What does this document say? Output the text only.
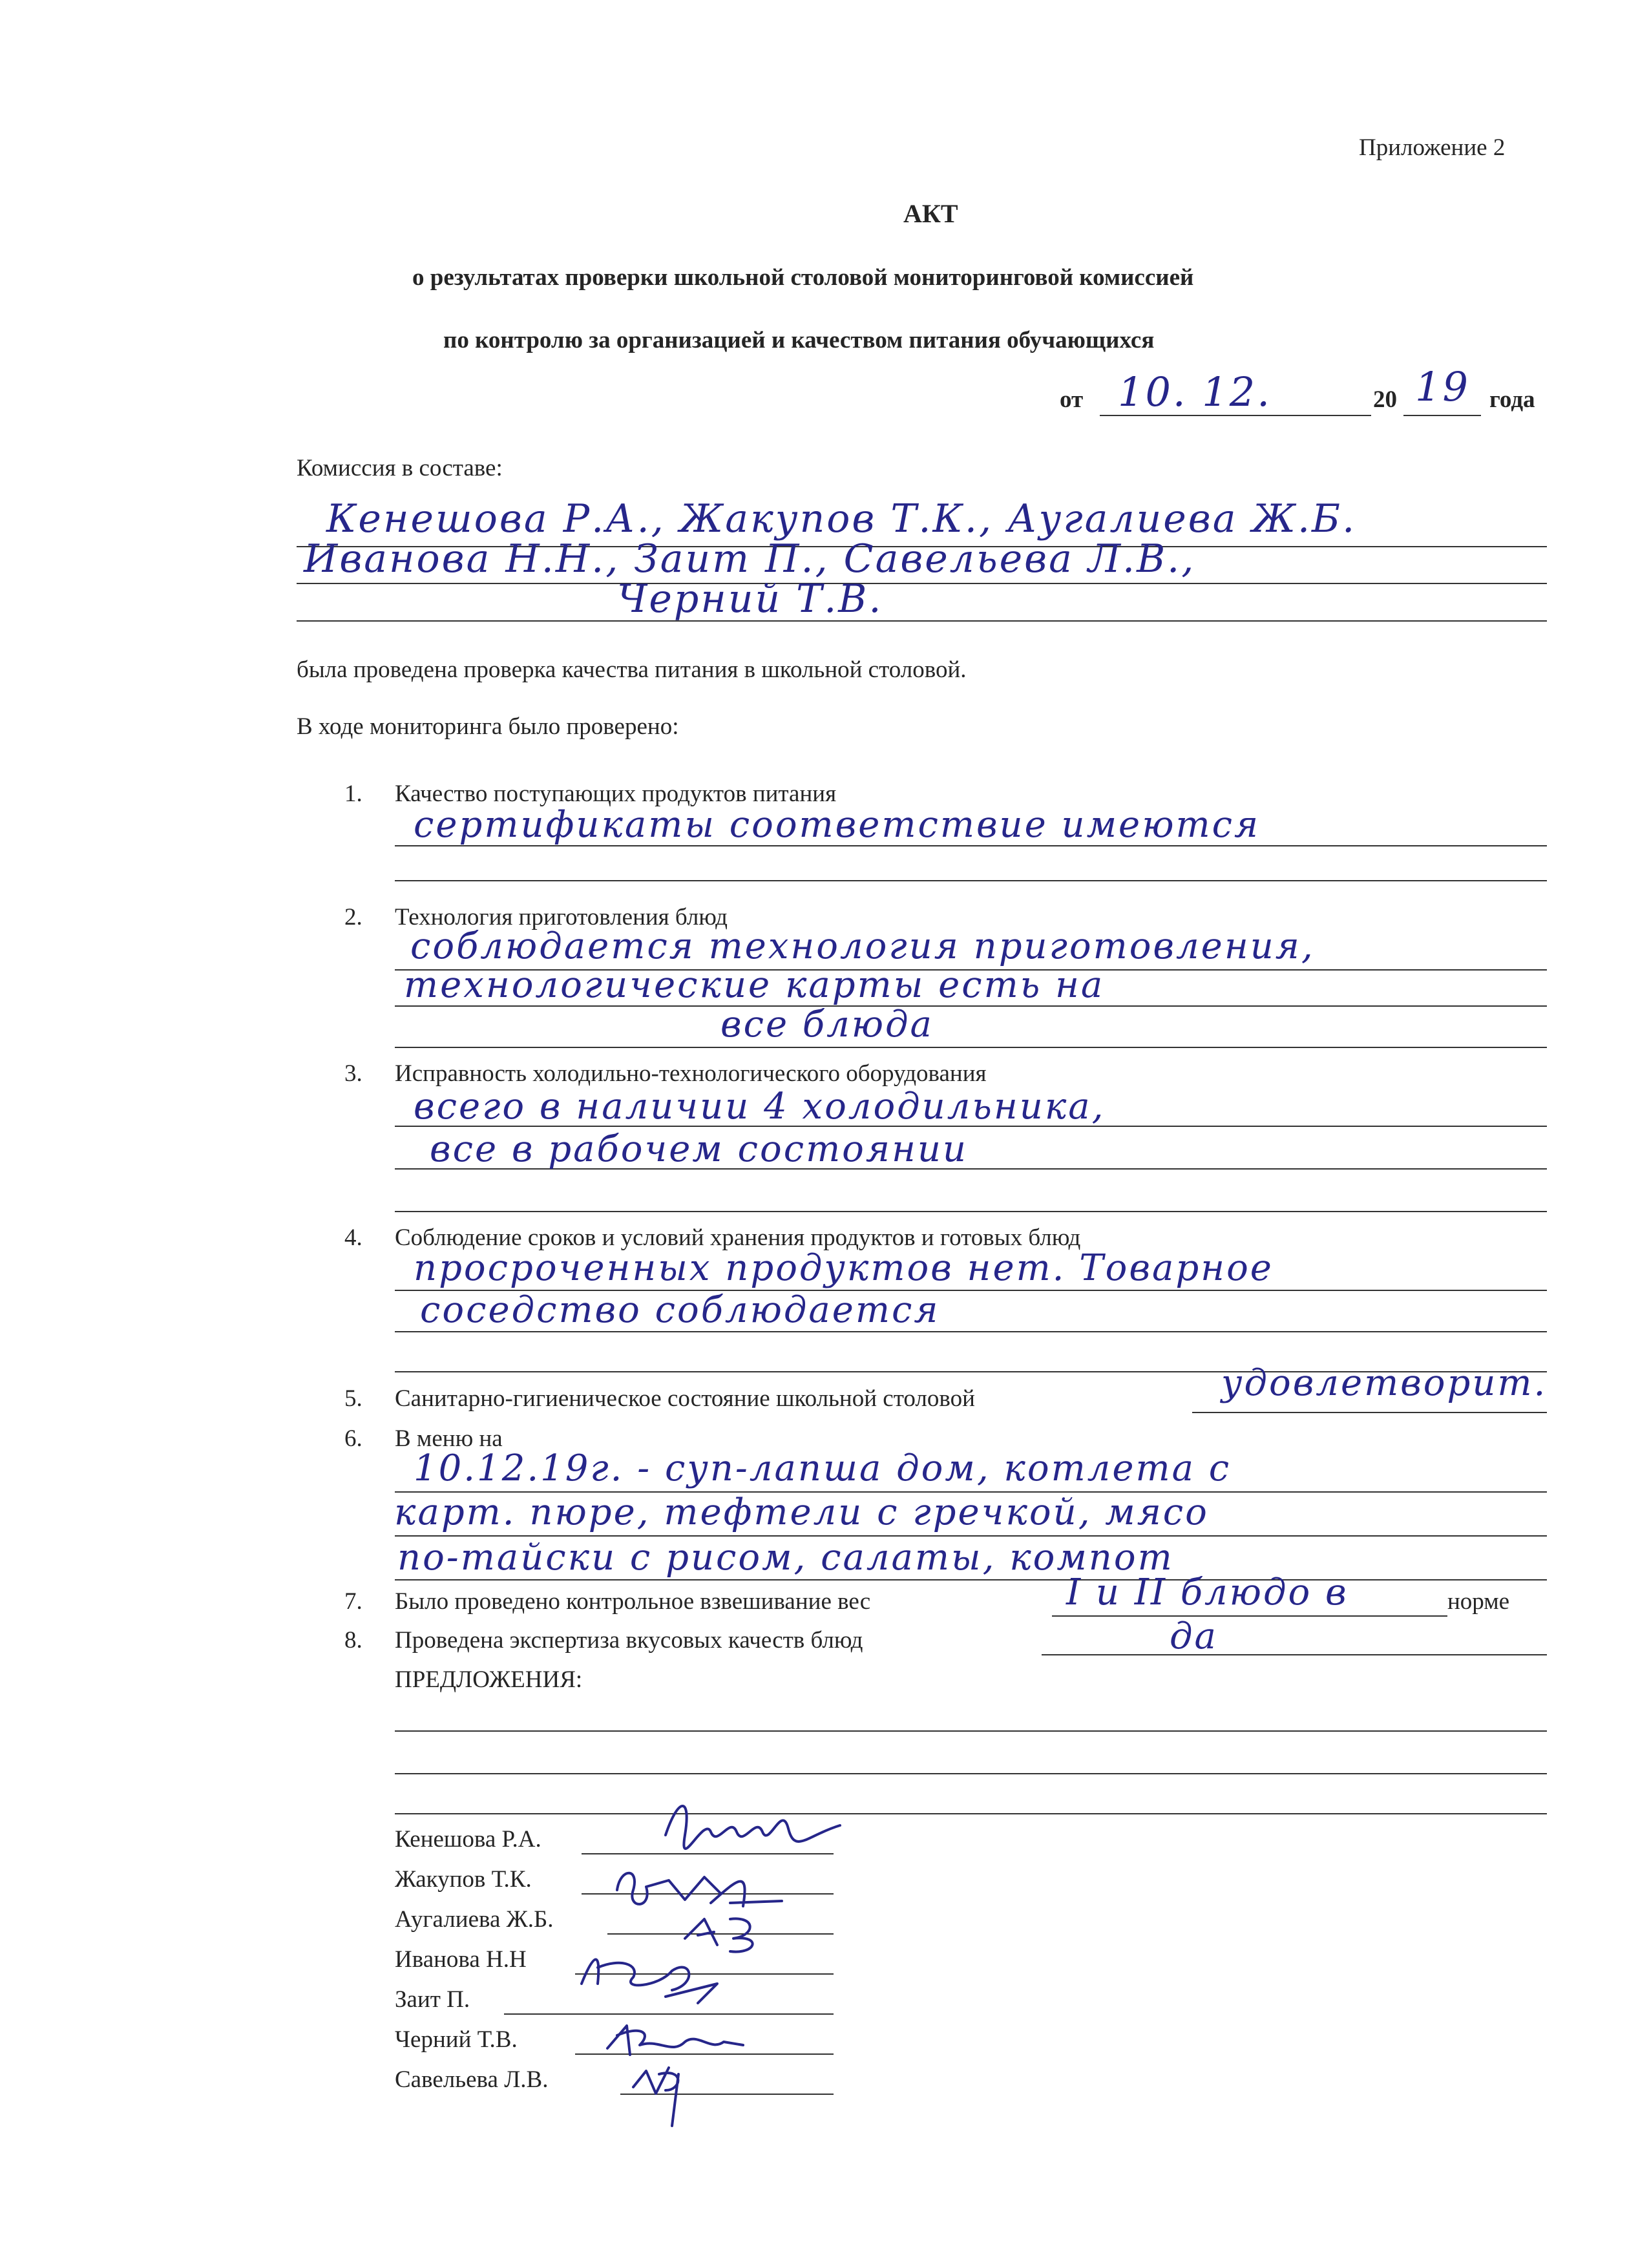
Приложение 2
АКТ
о результатах проверки школьной столовой мониторинговой комиссией
по контролю за организацией и качеством питания обучающихся
от 10. 12.	20 19 года
Комиссия в составе:
Кенешова Р.А., Жакупов Т.К., Аугалиева Ж.Б.
Иванова Н.Н., Заит П., Савельева Л.В.,
Черний Т.В.
была проведена проверка качества питания в школьной столовой.
В ходе мониторинга было проверено:
1. Качество поступающих продуктов питания
сертификаты соответствие имеются
2. Технология приготовления блюд
соблюдается технология приготовления,
технологические карты есть на
все блюда
3. Исправность холодильно-технологического оборудования
всего в наличии 4 холодильника,
все в рабочем состоянии
4. Соблюдение сроков и условий хранения продуктов и готовых блюд
просроченных продуктов нет. Товарное
соседство соблюдается
5. Санитарно-гигиеническое состояние школьной столовой	удовлетворит.
6. В меню на
10.12.19г. - суп-лапша дом, котлета с
карт. пюре, тефтели с гречкой, мясо
по-тайски с рисом, салаты, компот
7. Было проведено контрольное взвешивание вес	I и II блюдо в	норме
8. Проведена экспертиза вкусовых качеств блюд	да
ПРЕДЛОЖЕНИЯ:
Кенешова Р.А.
Жакупов Т.К.
Аугалиева Ж.Б.
Иванова Н.Н
Заит П.
Черний Т.В.
Савельева Л.В.
